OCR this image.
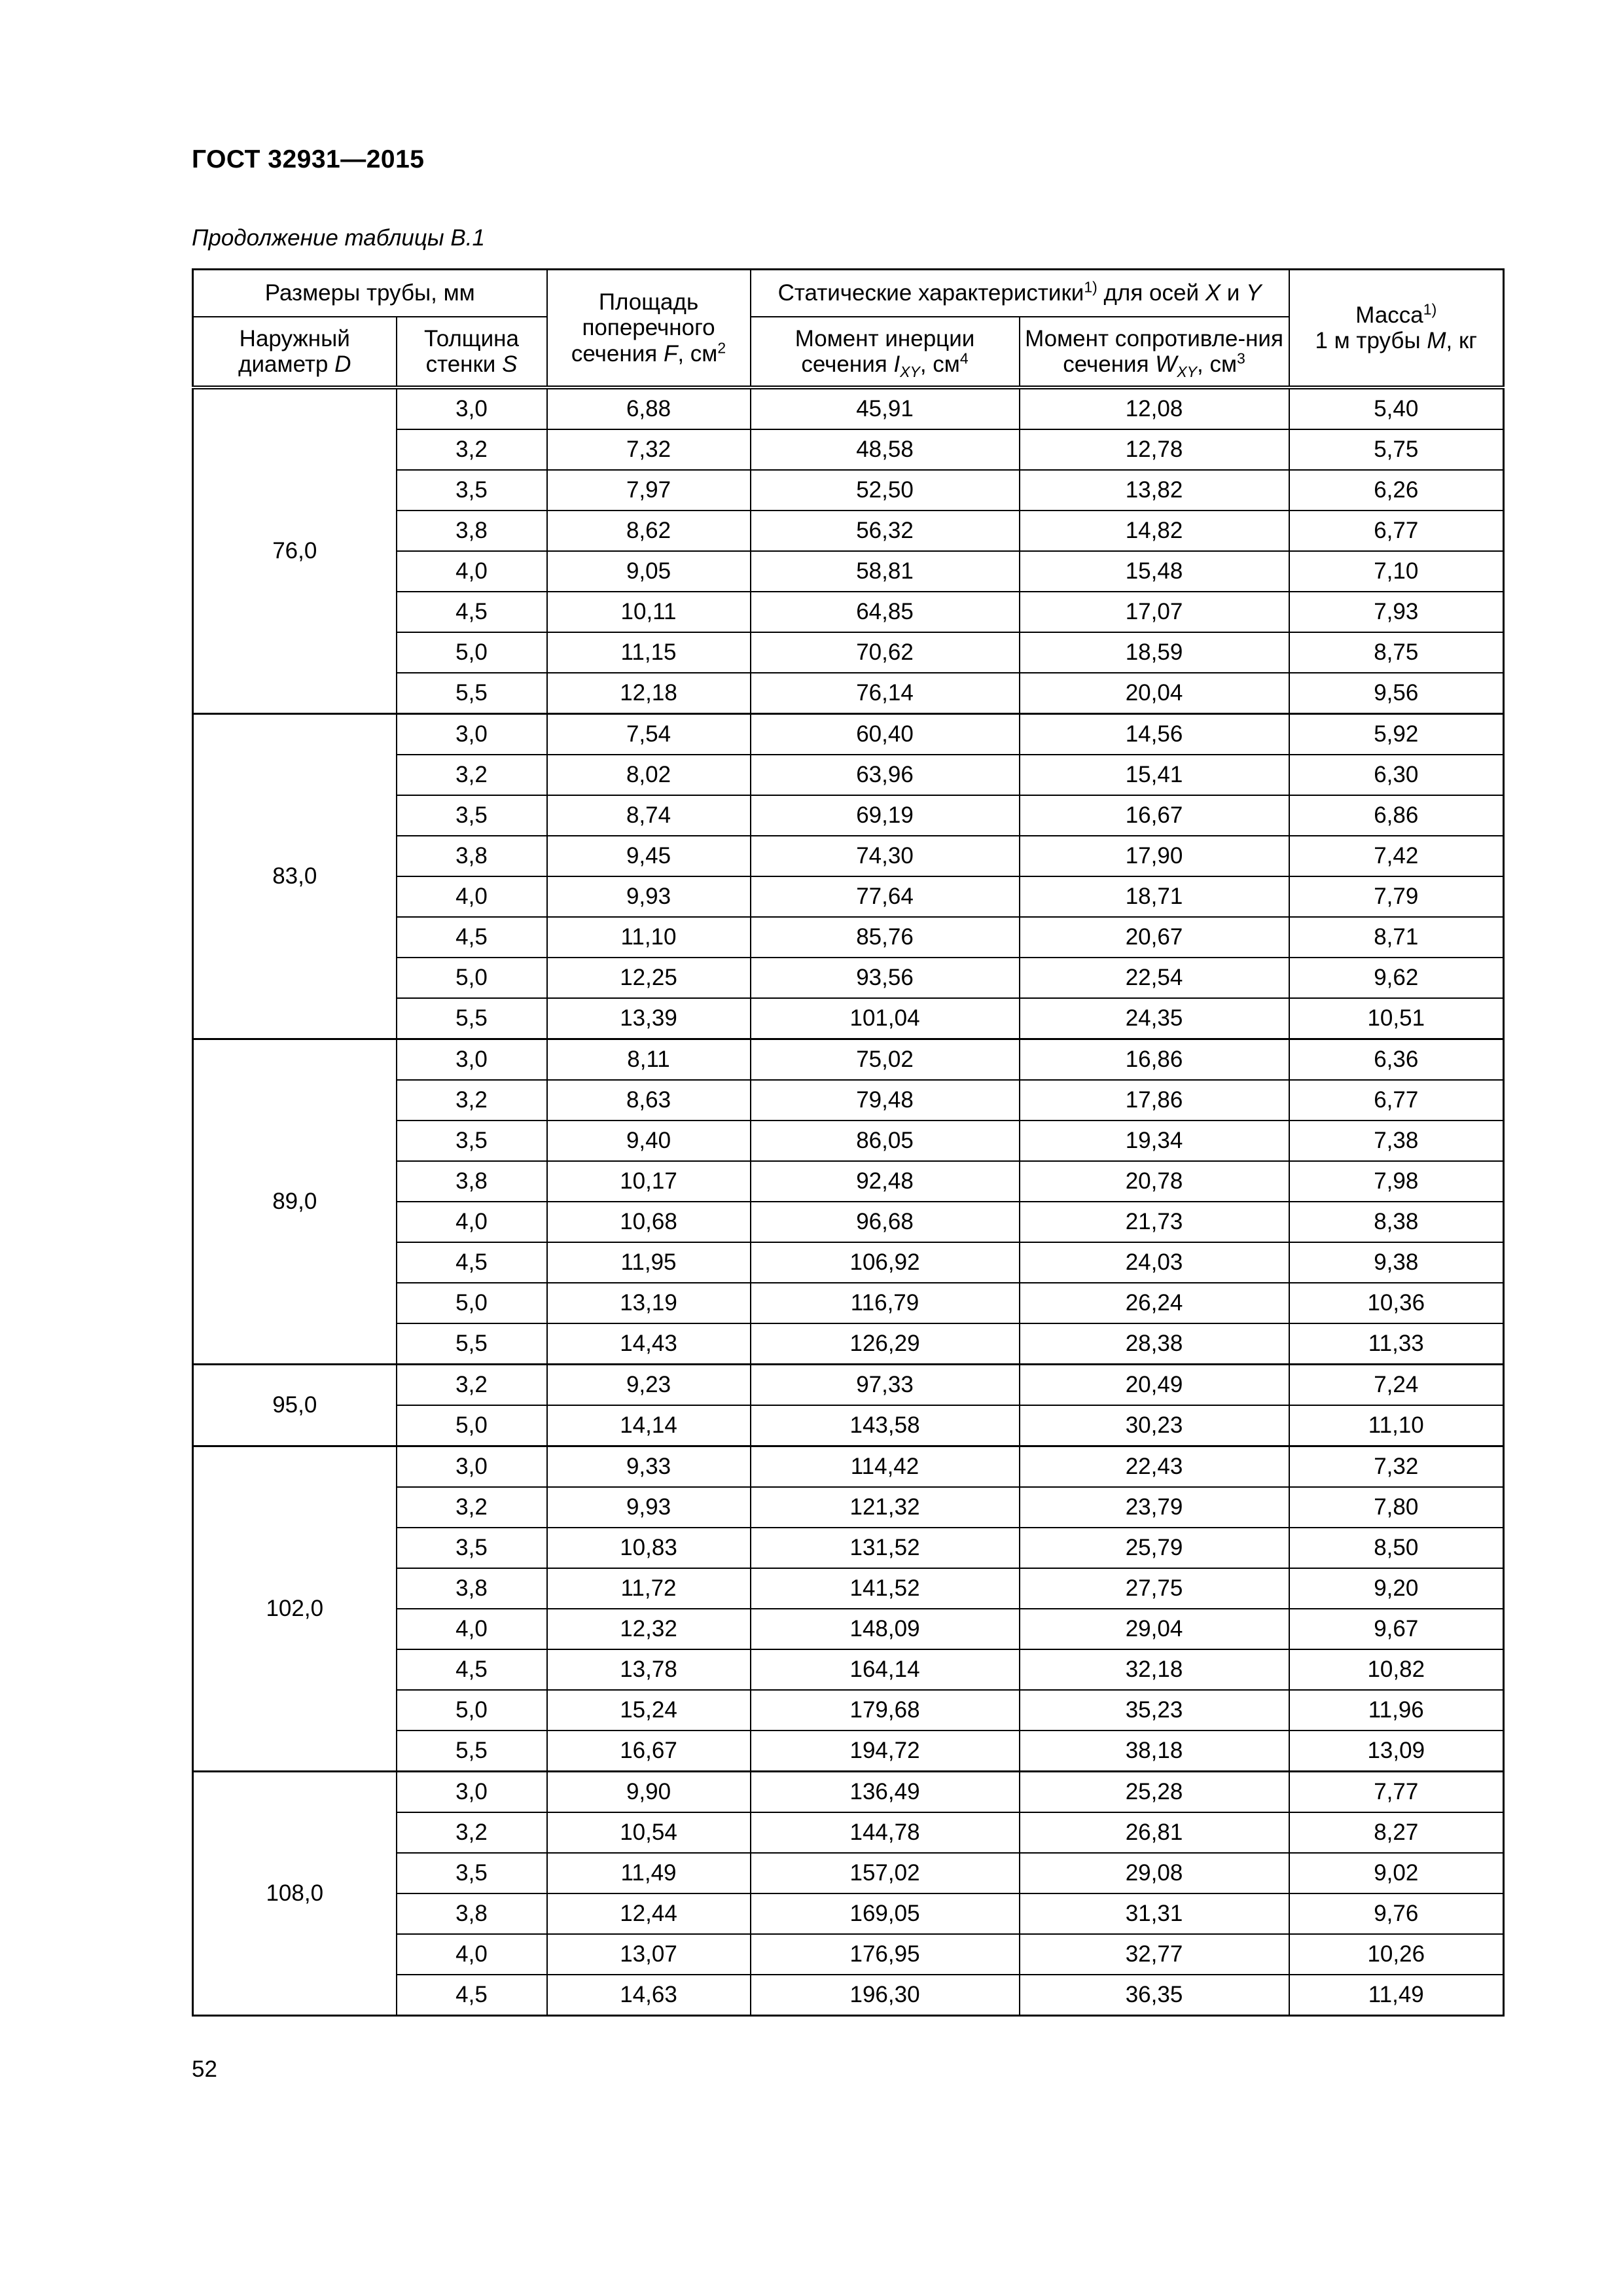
ГОСТ 32931—2015
Продолжение таблицы В.1
Размеры трубы, мм		Площадь поперечного сечения F, $см^2$	Статические характеристики$^{1)}$ для осей X и Y		Масса$^{1)}$
1 м трубы M, кг
Наружный диаметр D	Толщина стенки S		Момент инерции сечения $I_{XY}$, $см^4$	Момент сопротивле-ния сечения $W_{XY}$, $см^3$
76,0	3,0	6,88	45,91	12,08	5,40
	3,2	7,32	48,58	12,78	5,75
	3,5	7,97	52,50	13,82	6,26
	3,8	8,62	56,32	14,82	6,77
	4,0	9,05	58,81	15,48	7,10
	4,5	10,11	64,85	17,07	7,93
	5,0	11,15	70,62	18,59	8,75
	5,5	12,18	76,14	20,04	9,56
83,0	3,0	7,54	60,40	14,56	5,92
	3,2	8,02	63,96	15,41	6,30
	3,5	8,74	69,19	16,67	6,86
	3,8	9,45	74,30	17,90	7,42
	4,0	9,93	77,64	18,71	7,79
	4,5	11,10	85,76	20,67	8,71
	5,0	12,25	93,56	22,54	9,62
	5,5	13,39	101,04	24,35	10,51
89,0	3,0	8,11	75,02	16,86	6,36
	3,2	8,63	79,48	17,86	6,77
	3,5	9,40	86,05	19,34	7,38
	3,8	10,17	92,48	20,78	7,98
	4,0	10,68	96,68	21,73	8,38
	4,5	11,95	106,92	24,03	9,38
	5,0	13,19	116,79	26,24	10,36
	5,5	14,43	126,29	28,38	11,33
95,0	3,2	9,23	97,33	20,49	7,24
	5,0	14,14	143,58	30,23	11,10
102,0	3,0	9,33	114,42	22,43	7,32
	3,2	9,93	121,32	23,79	7,80
	3,5	10,83	131,52	25,79	8,50
	3,8	11,72	141,52	27,75	9,20
	4,0	12,32	148,09	29,04	9,67
	4,5	13,78	164,14	32,18	10,82
	5,0	15,24	179,68	35,23	11,96
	5,5	16,67	194,72	38,18	13,09
108,0	3,0	9,90	136,49	25,28	7,77
	3,2	10,54	144,78	26,81	8,27
	3,5	11,49	157,02	29,08	9,02
	3,8	12,44	169,05	31,31	9,76
	4,0	13,07	176,95	32,77	10,26
	4,5	14,63	196,30	36,35	11,49
52
